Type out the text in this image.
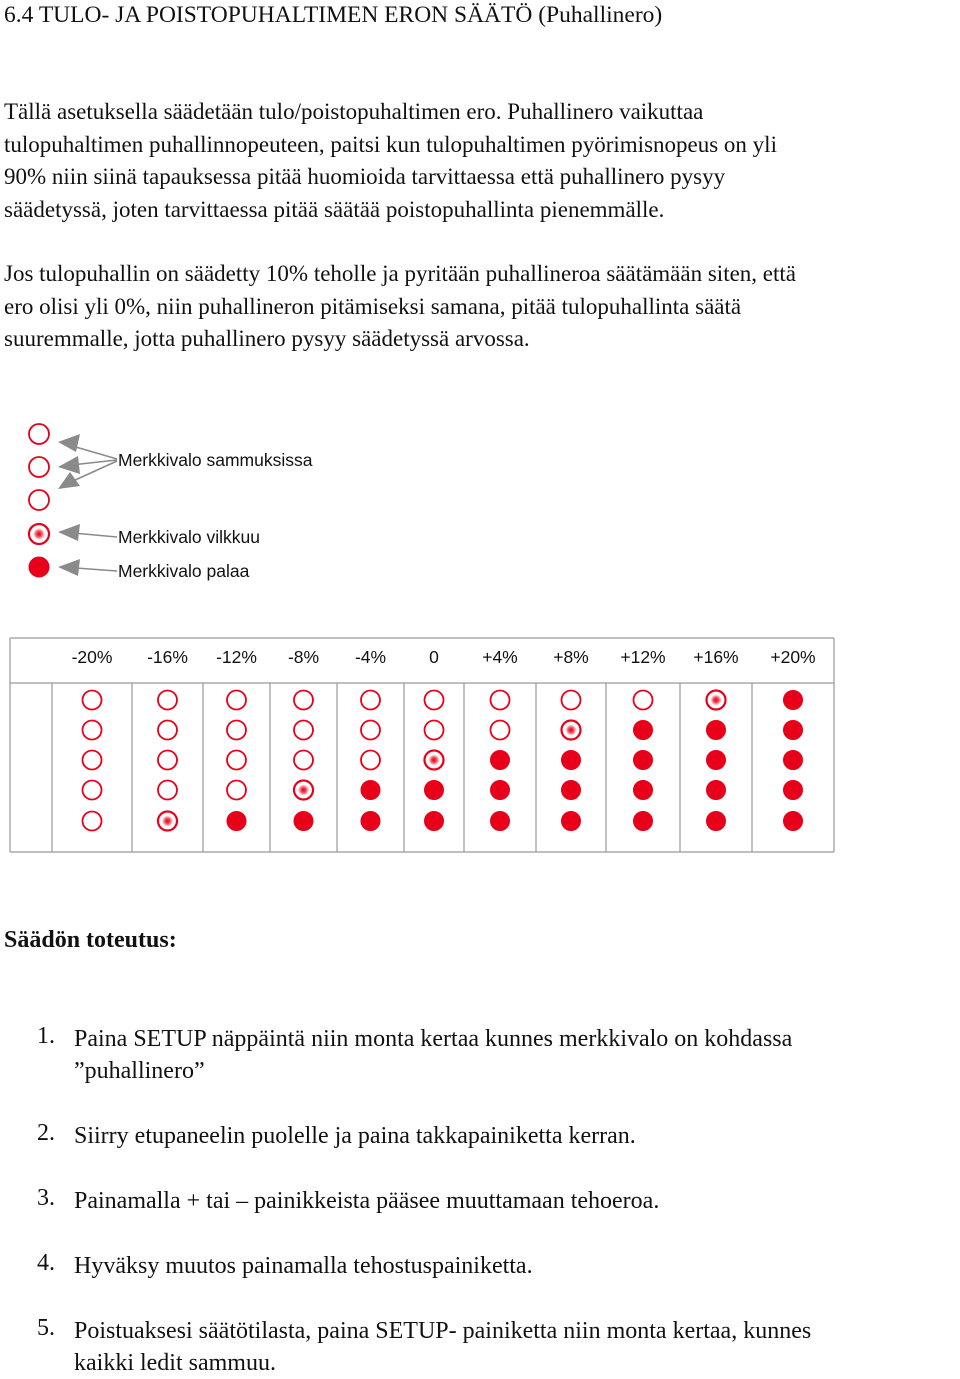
6.4 TULO- JA POISTOPUHALTIMEN ERON SÄÄTÖ (Puhallinero)
Tällä asetuksella säädetään tulo/poistopuhaltimen ero. Puhallinero vaikuttaa
tulopuhaltimen puhallinnopeuteen, paitsi kun tulopuhaltimen pyörimisnopeus on yli
90% niin siinä tapauksessa pitää huomioida tarvittaessa että puhallinero pysyy
säädetyssä, joten tarvittaessa pitää säätää poistopuhallinta pienemmälle.
Jos tulopuhallin on säädetty 10% teholle ja pyritään puhallineroa säätämään siten, että
ero olisi yli 0%, niin puhallineron pitämiseksi samana, pitää tulopuhallinta säätä
suuremmalle, jotta puhallinero pysyy säädetyssä arvossa.
Merkkivalo sammuksissa
Merkkivalo vilkkuu
Merkkivalo palaa
-20% -16% -12% -8% -4% 0 +4% +8% +12% +16% +20%
Säädön toteutus:
1. Paina SETUP näppäintä niin monta kertaa kunnes merkkivalo on kohdassa
”puhallinero”
2. Siirry etupaneelin puolelle ja paina takkapainiketta kerran.
3. Painamalla + tai – painikkeista pääsee muuttamaan tehoeroa.
4. Hyväksy muutos painamalla tehostuspainiketta.
5. Poistuaksesi säätötilasta, paina SETUP- painiketta niin monta kertaa, kunnes
kaikki ledit sammuu.
